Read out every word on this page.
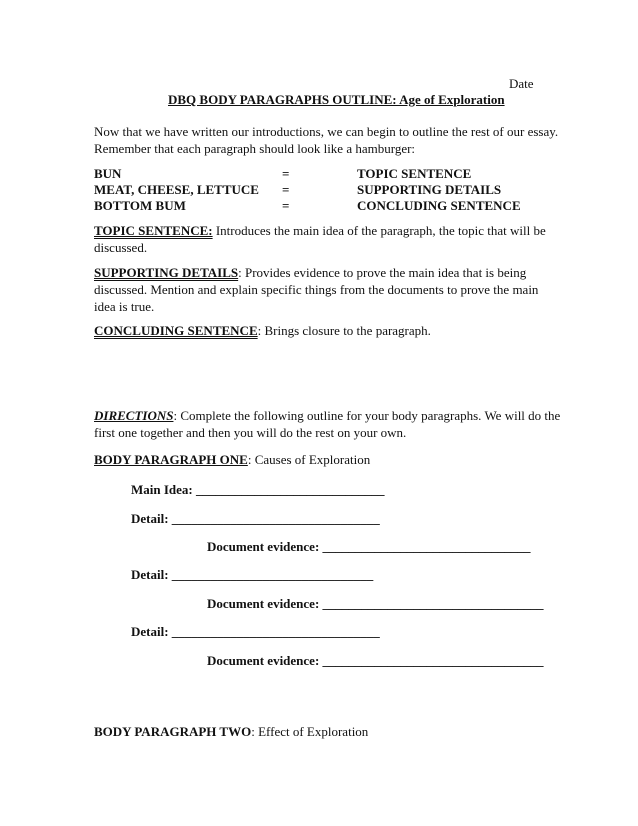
Date
DBQ BODY PARAGRAPHS OUTLINE: Age of Exploration
Now that we have written our introductions, we can begin to outline the rest of our essay.
Remember that each paragraph should look like a hamburger:
BUN	=	TOPIC SENTENCE
MEAT, CHEESE, LETTUCE =	SUPPORTING DETAILS
BOTTOM BUM	=	CONCLUDING SENTENCE
TOPIC SENTENCE: Introduces the main idea of the paragraph, the topic that will be discussed.
SUPPORTING DETAILS: Provides evidence to prove the main idea that is being discussed. Mention and explain specific things from the documents to prove the main idea is true.
CONCLUDING SENTENCE: Brings closure to the paragraph.
DIRECTIONS: Complete the following outline for your body paragraphs. We will do the first one together and then you will do the rest on your own.
BODY PARAGRAPH ONE: Causes of Exploration
Main Idea: _____________________________
Detail: ________________________________
Document evidence: ________________________________
Detail: _______________________________
Document evidence: __________________________________
Detail: ________________________________
Document evidence: __________________________________
BODY PARAGRAPH TWO: Effect of Exploration
